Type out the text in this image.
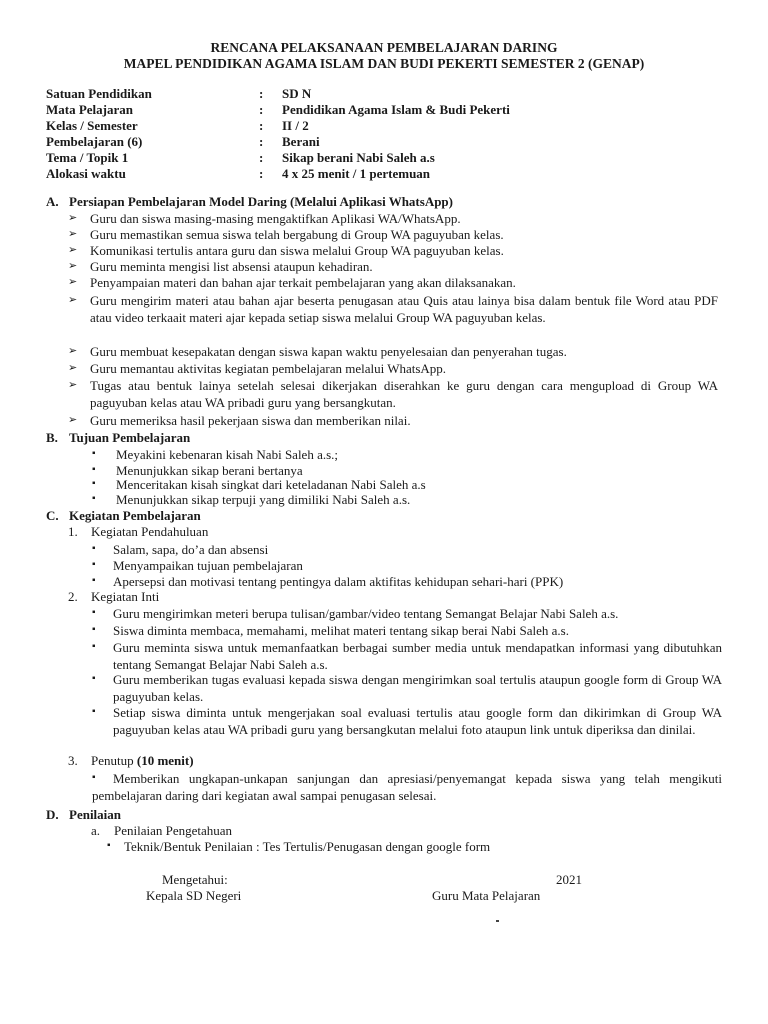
RENCANA PELAKSANAAN PEMBELAJARAN DARING
MAPEL PENDIDIKAN AGAMA ISLAM DAN BUDI PEKERTI SEMESTER 2 (GENAP)
Satuan Pendidikan	: SD N
Mata Pelajaran	: Pendidikan Agama Islam & Budi Pekerti
Kelas / Semester	: II / 2
Pembelajaran (6)	: Berani
Tema / Topik 1	: Sikap berani Nabi Saleh a.s
Alokasi waktu	: 4 x 25 menit / 1 pertemuan
A. Persiapan Pembelajaran Model Daring (Melalui Aplikasi WhatsApp)
➢ Guru dan siswa masing-masing mengaktifkan Aplikasi WA/WhatsApp.
➢ Guru memastikan semua siswa telah bergabung di Group WA paguyuban kelas.
➢ Komunikasi tertulis antara guru dan siswa melalui Group WA paguyuban kelas.
➢ Guru meminta mengisi list absensi ataupun kehadiran.
➢ Penyampaian materi dan bahan ajar terkait pembelajaran yang akan dilaksanakan.
➢ Guru mengirim materi atau bahan ajar beserta penugasan atau Quis atau lainya bisa dalam bentuk file Word atau PDF atau video terkaait materi ajar kepada setiap siswa melalui Group WA paguyuban kelas.
➢ Guru membuat kesepakatan dengan siswa kapan waktu penyelesaian dan penyerahan tugas.
➢ Guru memantau aktivitas kegiatan pembelajaran melalui WhatsApp.
➢ Tugas atau bentuk lainya setelah selesai dikerjakan diserahkan ke guru dengan cara mengupload di Group WA paguyuban kelas atau WA pribadi guru yang bersangkutan.
➢ Guru memeriksa hasil pekerjaan siswa dan memberikan nilai.
B. Tujuan Pembelajaran
▪ Meyakini kebenaran kisah Nabi Saleh a.s.;
▪ Menunjukkan sikap berani bertanya
▪ Menceritakan kisah singkat dari keteladanan Nabi Saleh a.s
▪ Menunjukkan sikap terpuji yang dimiliki Nabi Saleh a.s.
C. Kegiatan Pembelajaran
1. Kegiatan Pendahuluan
▪ Salam, sapa, do’a dan absensi
▪ Menyampaikan tujuan pembelajaran
▪ Apersepsi dan motivasi tentang pentingya dalam aktifitas kehidupan sehari-hari (PPK)
2. Kegiatan Inti
▪ Guru mengirimkan meteri berupa tulisan/gambar/video tentang Semangat Belajar Nabi Saleh a.s.
▪ Siswa diminta membaca, memahami, melihat materi tentang sikap berai Nabi Saleh a.s.
▪ Guru meminta siswa untuk memanfaatkan berbagai sumber media untuk mendapatkan informasi yang dibutuhkan tentang Semangat Belajar Nabi Saleh a.s.
▪ Guru memberikan tugas evaluasi kepada siswa dengan mengirimkan soal tertulis ataupun google form di Group WA paguyuban kelas.
▪ Setiap siswa diminta untuk mengerjakan soal evaluasi tertulis atau google form dan dikirimkan di Group WA paguyuban kelas atau WA pribadi guru yang bersangkutan melalui foto ataupun link untuk diperiksa dan dinilai.
3. Penutup (10 menit)
▪	Memberikan ungkapan-unkapan sanjungan dan apresiasi/penyemangat kepada siswa yang telah mengikuti pembelajaran daring dari kegiatan awal sampai penugasan selesai.
D. Penilaian
a. Penilaian Pengetahuan
▪ Teknik/Bentuk Penilaian : Tes Tertulis/Penugasan dengan google form
Mengetahui:	2021
Kepala SD Negeri	Guru Mata Pelajaran
